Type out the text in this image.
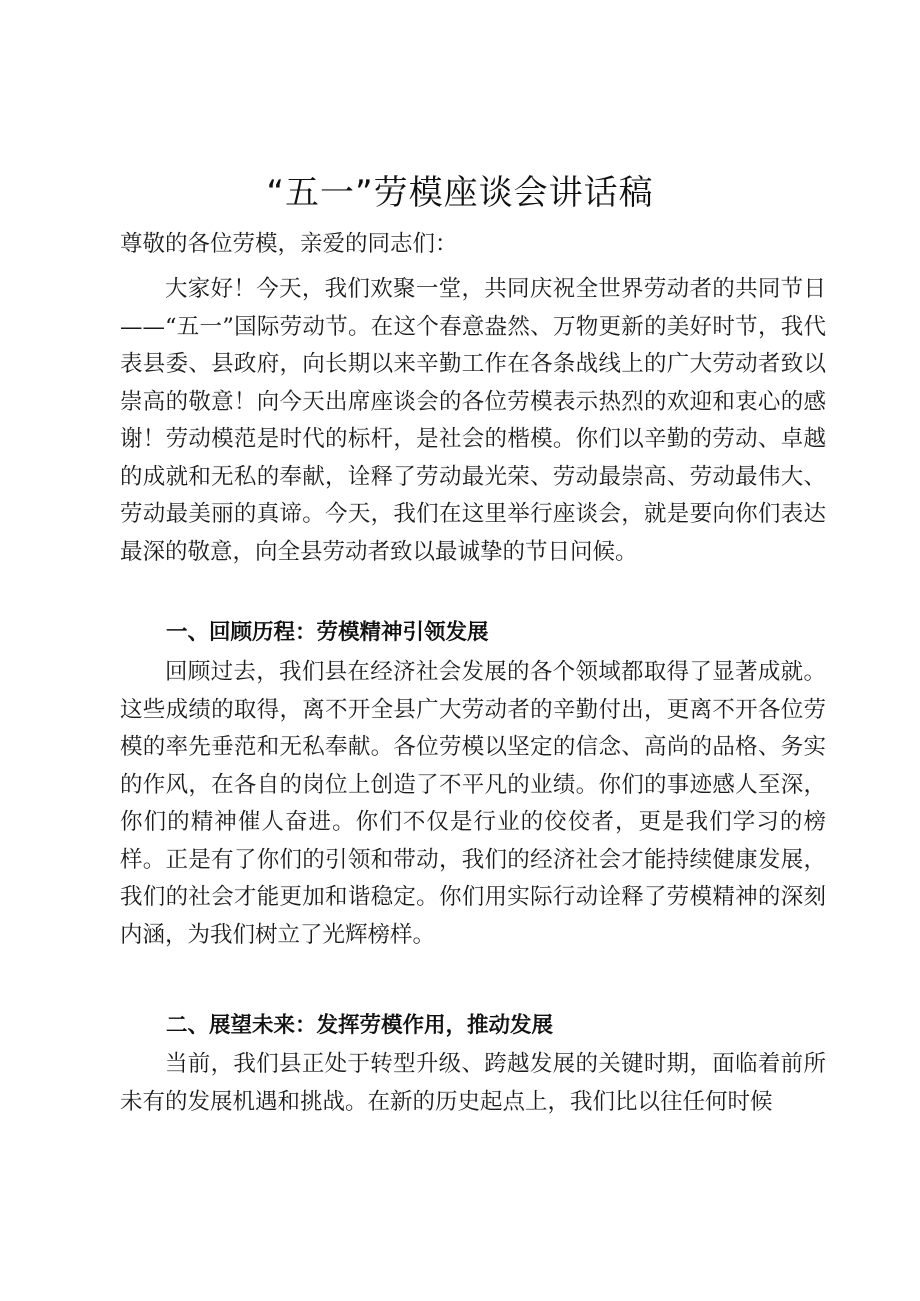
“五一”劳模座谈会讲话稿
尊敬的各位劳模，亲爱的同志们：

大家好！今天，我们欢聚一堂，共同庆祝全世界劳动者的共同节日——“五一”国际劳动节。在这个春意盎然、万物更新的美好时节，我代表县委、县政府，向长期以来辛勤工作在各条战线上的广大劳动者致以崇高的敬意！向今天出席座谈会的各位劳模表示热烈的欢迎和衷心的感谢！劳动模范是时代的标杆，是社会的楷模。你们以辛勤的劳动、卓越的成就和无私的奉献，诠释了劳动最光荣、劳动最崇高、劳动最伟大、劳动最美丽的真谛。今天，我们在这里举行座谈会，就是要向你们表达最深的敬意，向全县劳动者致以最诚挚的节日问候。

一、回顾历程：劳模精神引领发展

回顾过去，我们县在经济社会发展的各个领域都取得了显著成就。这些成绩的取得，离不开全县广大劳动者的辛勤付出，更离不开各位劳模的率先垂范和无私奉献。各位劳模以坚定的信念、高尚的品格、务实的作风，在各自的岗位上创造了不平凡的业绩。你们的事迹感人至深，你们的精神催人奋进。你们不仅是行业的佼佼者，更是我们学习的榜样。正是有了你们的引领和带动，我们的经济社会才能持续健康发展，我们的社会才能更加和谐稳定。你们用实际行动诠释了劳模精神的深刻内涵，为我们树立了光辉榜样。

二、展望未来：发挥劳模作用，推动发展

当前，我们县正处于转型升级、跨越发展的关键时期，面临着前所未有的发展机遇和挑战。在新的历史起点上，我们比以往任何时候
